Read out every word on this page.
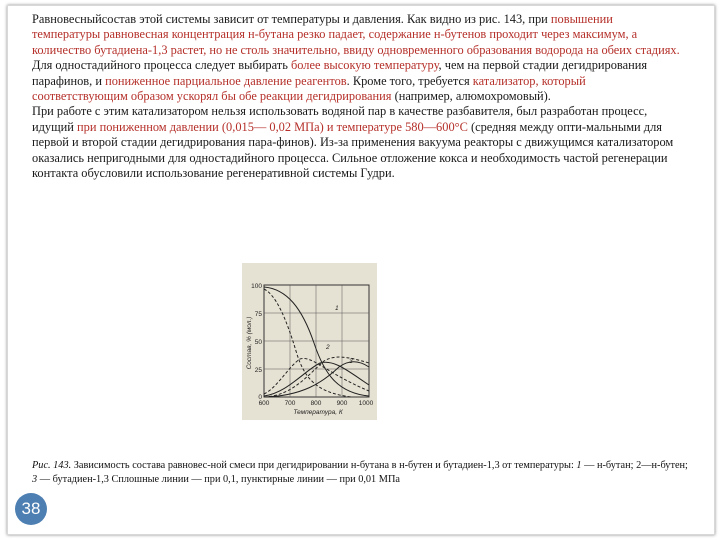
Равновесныйсостав этой системы зависит от температуры и давления. Как видно из рис. 143, при повышении температуры равновесная концентрация н-бутана резко падает, содержание н-бутенов проходит через максимум, а количество бутадиена-1,3 растет, но не столь значительно, ввиду одновременного образования водорода на обеих стадиях.

Для одностадийного процесса следует выбирать более высокую температуру, чем на первой стадии дегидрирования парафинов, и пониженное парциальное давление реагентов. Кроме того, требуется катализатор, который соответствующим образом ускорял бы обе реакции дегидрирования (например, алюмохромовый).

При работе с этим катализатором нельзя использовать водяной пар в качестве разбавителя, был разработан процесс, идущий при пониженном давлении (0,015— 0,02 МПа) и температуре 580—600°С (средняя между опти-мальными для первой и второй стадии дегидрирования пара-финов). Из-за применения вакуума реакторы с движущимся катализатором оказались непригодными для одностадийного процесса. Сильное отложение кокса и необходимость частой регенерации контакта обусловили использование регенеративной системы Гудри.

100
75
50
25
0
600 700 800 900 1000
Температура, К
Состав, % (мол.)
1
2
3
Рис. 143. Зависимость состава равновес-ной смеси при дегидрировании н-бутана в н-бутен и бутадиен-1,3 от температуры: 1 — н-бутан; 2—н-бутен; 3 — бутадиен-1,3 Сплошные линии — при 0,1, пунктирные линии — при 0,01 МПа
38
